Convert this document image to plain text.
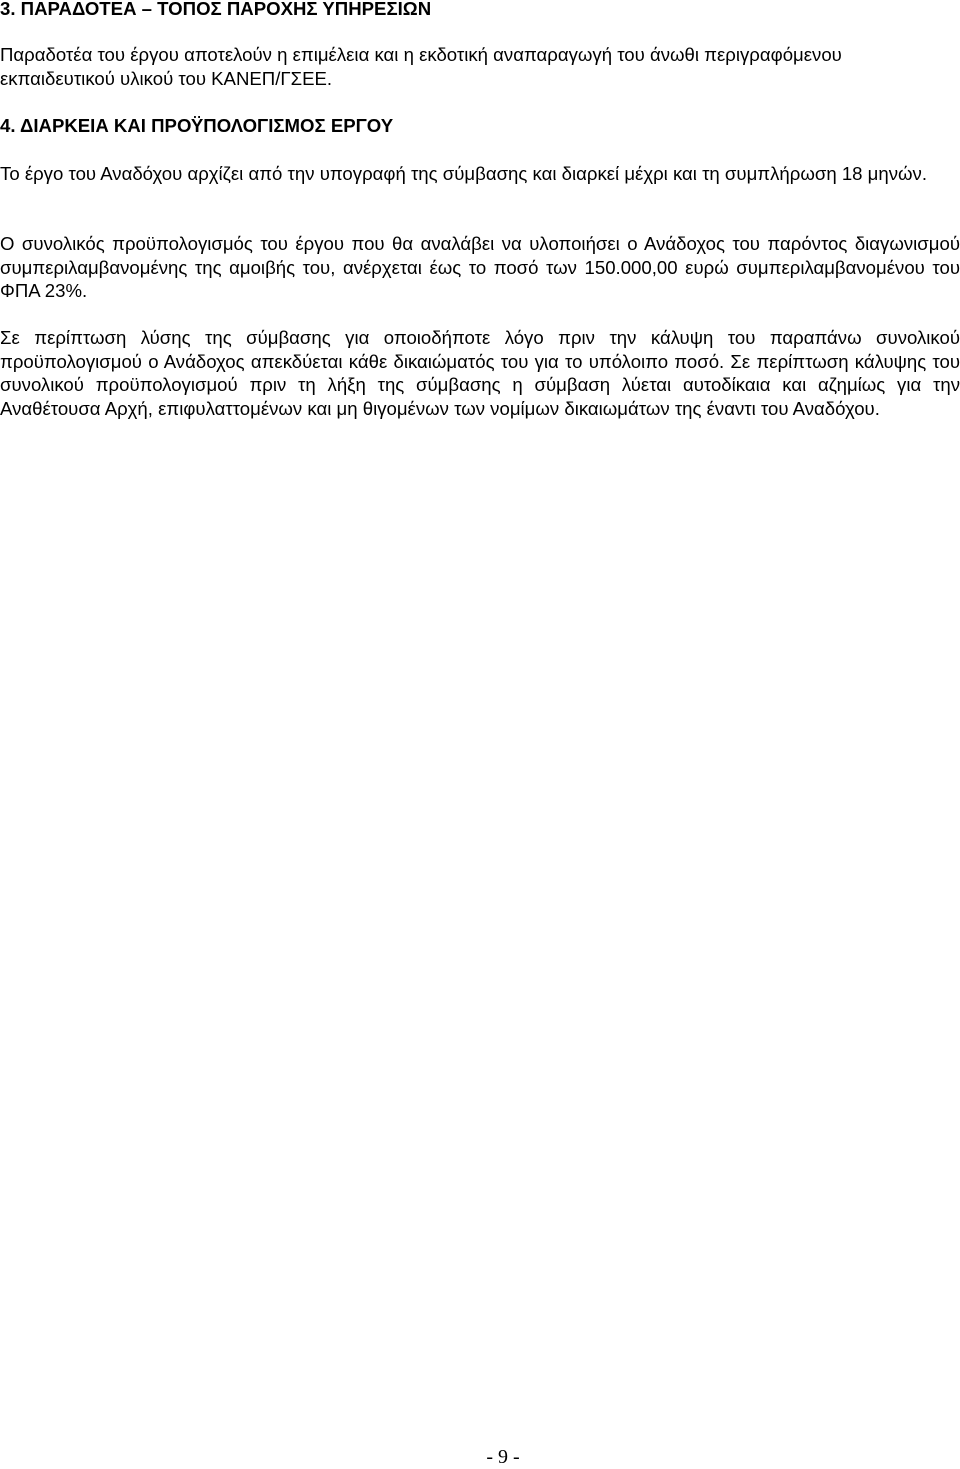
3. ΠΑΡΑΔΟΤΕΑ – ΤΟΠΟΣ ΠΑΡΟΧΗΣ ΥΠΗΡΕΣΙΩΝ

Παραδοτέα του έργου αποτελούν η επιμέλεια και η εκδοτική αναπαραγωγή του άνωθι περιγραφόμενου εκπαιδευτικού υλικού του ΚΑΝΕΠ/ΓΣΕΕ.

4. ΔΙΑΡΚΕΙΑ ΚΑΙ ΠΡΟΫΠΟΛΟΓΙΣΜΟΣ ΕΡΓΟΥ

Το έργο του Αναδόχου αρχίζει από την υπογραφή της σύμβασης και διαρκεί μέχρι και τη συμπλήρωση 18 μηνών.

Ο συνολικός προϋπολογισμός του έργου που θα αναλάβει να υλοποιήσει ο Ανάδοχος του παρόντος διαγωνισμού συμπεριλαμβανομένης της αμοιβής του, ανέρχεται έως το ποσό των 150.000,00 ευρώ συμπεριλαμβανομένου του ΦΠΑ 23%.

Σε περίπτωση λύσης της σύμβασης για οποιοδήποτε λόγο πριν την κάλυψη του παραπάνω συνολικού προϋπολογισμού ο Ανάδοχος απεκδύεται κάθε δικαιώματός του για το υπόλοιπο ποσό. Σε περίπτωση κάλυψης του συνολικού προϋπολογισμού πριν τη λήξη της σύμβασης η σύμβαση λύεται αυτοδίκαια και αζημίως για την Αναθέτουσα Αρχή, επιφυλαττομένων και μη θιγομένων των νομίμων δικαιωμάτων της έναντι του Αναδόχου.

- 9 -
